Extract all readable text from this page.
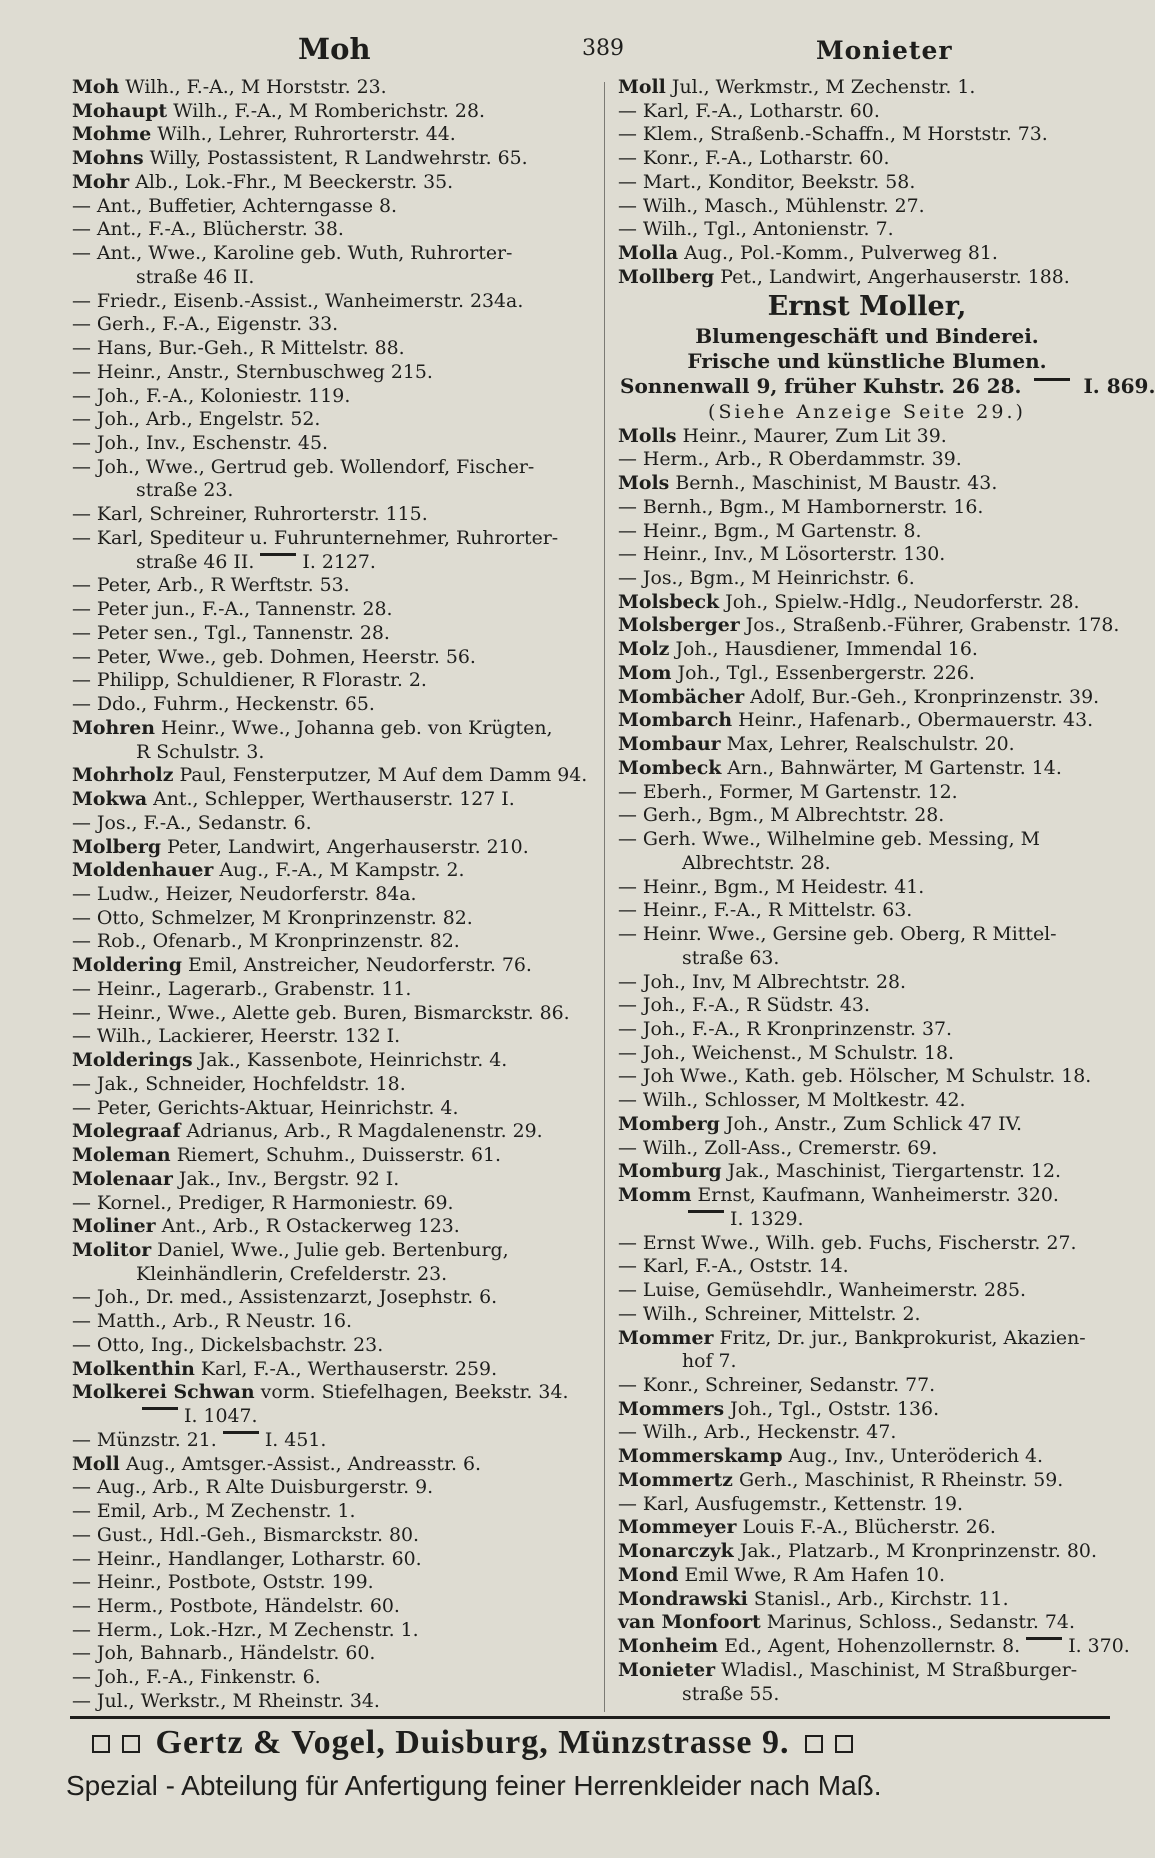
Moh	389	Monieter
Moh Wilh., F.-A., M Horststr. 23.
Mohaupt Wilh., F.-A., M Romberichstr. 28.
Mohme Wilh., Lehrer, Ruhrorterstr. 44.
Mohns Willy, Postassistent, R Landwehrstr. 65.
Mohr Alb., Lok.-Fhr., M Beeckerstr. 35.
— Ant., Buffetier, Achterngasse 8.
— Ant., F.-A., Blücherstr. 38.
— Ant., Wwe., Karoline geb. Wuth, Ruhrorter-
straße 46 II.
— Friedr., Eisenb.-Assist., Wanheimerstr. 234a.
— Gerh., F.-A., Eigenstr. 33.
— Hans, Bur.-Geh., R Mittelstr. 88.
— Heinr., Anstr., Sternbuschweg 215.
— Joh., F.-A., Koloniestr. 119.
— Joh., Arb., Engelstr. 52.
— Joh., Inv., Eschenstr. 45.
— Joh., Wwe., Gertrud geb. Wollendorf, Fischer-
straße 23.
— Karl, Schreiner, Ruhrorterstr. 115.
— Karl, Spediteur u. Fuhrunternehmer, Ruhrorter-
straße 46 II.	I. 2127.
— Peter, Arb., R Werftstr. 53.
— Peter jun., F.-A., Tannenstr. 28.
— Peter sen., Tgl., Tannenstr. 28.
— Peter, Wwe., geb. Dohmen, Heerstr. 56.
— Philipp, Schuldiener, R Florastr. 2.
— Ddo., Fuhrm., Heckenstr. 65.
Mohren Heinr., Wwe., Johanna geb. von Krügten,
R Schulstr. 3.
Mohrholz Paul, Fensterputzer, M Auf dem Damm 94.
Mokwa Ant., Schlepper, Werthauserstr. 127 I.
— Jos., F.-A., Sedanstr. 6.
Molberg Peter, Landwirt, Angerhauserstr. 210.
Moldenhauer Aug., F.-A., M Kampstr. 2.
— Ludw., Heizer, Neudorferstr. 84a.
— Otto, Schmelzer, M Kronprinzenstr. 82.
— Rob., Ofenarb., M Kronprinzenstr. 82.
Moldering Emil, Anstreicher, Neudorferstr. 76.
— Heinr., Lagerarb., Grabenstr. 11.
— Heinr., Wwe., Alette geb. Buren, Bismarckstr. 86.
— Wilh., Lackierer, Heerstr. 132 I.
Molderings Jak., Kassenbote, Heinrichstr. 4.
— Jak., Schneider, Hochfeldstr. 18.
— Peter, Gerichts-Aktuar, Heinrichstr. 4.
Molegraaf Adrianus, Arb., R Magdalenenstr. 29.
Moleman Riemert, Schuhm., Duisserstr. 61.
Molenaar Jak., Inv., Bergstr. 92 I.
— Kornel., Prediger, R Harmoniestr. 69.
Moliner Ant., Arb., R Ostackerweg 123.
Molitor Daniel, Wwe., Julie geb. Bertenburg,
Kleinhändlerin, Crefelderstr. 23.
— Joh., Dr. med., Assistenzarzt, Josephstr. 6.
— Matth., Arb., R Neustr. 16.
— Otto, Ing., Dickelsbachstr. 23.
Molkenthin Karl, F.-A., Werthauserstr. 259.
Molkerei Schwan vorm. Stiefelhagen, Beekstr. 34.
I. 1047.
— Münzstr. 21.	I. 451.
Moll Aug., Amtsger.-Assist., Andreasstr. 6.
— Aug., Arb., R Alte Duisburgerstr. 9.
— Emil, Arb., M Zechenstr. 1.
— Gust., Hdl.-Geh., Bismarckstr. 80.
— Heinr., Handlanger, Lotharstr. 60.
— Heinr., Postbote, Oststr. 199.
— Herm., Postbote, Händelstr. 60.
— Herm., Lok.-Hzr., M Zechenstr. 1.
— Joh, Bahnarb., Händelstr. 60.
— Joh., F.-A., Finkenstr. 6.
— Jul., Werkstr., M Rheinstr. 34.
Moll Jul., Werkmstr., M Zechenstr. 1.
— Karl, F.-A., Lotharstr. 60.
— Klem., Straßenb.-Schaffn., M Horststr. 73.
— Konr., F.-A., Lotharstr. 60.
— Mart., Konditor, Beekstr. 58.
— Wilh., Masch., Mühlenstr. 27.
— Wilh., Tgl., Antonienstr. 7.
Molla Aug., Pol.-Komm., Pulverweg 81.
Mollberg Pet., Landwirt, Angerhauserstr. 188.
Ernst Moller,
Blumengeschäft und Binderei.
Frische und künstliche Blumen.
Sonnenwall 9, früher Kuhstr. 26 28.	I. 869.
(Siehe Anzeige Seite 29.)
Molls Heinr., Maurer, Zum Lit 39.
— Herm., Arb., R Oberdammstr. 39.
Mols Bernh., Maschinist, M Baustr. 43.
— Bernh., Bgm., M Hambornerstr. 16.
— Heinr., Bgm., M Gartenstr. 8.
— Heinr., Inv., M Lösorterstr. 130.
— Jos., Bgm., M Heinrichstr. 6.
Molsbeck Joh., Spielw.-Hdlg., Neudorferstr. 28.
Molsberger Jos., Straßenb.-Führer, Grabenstr. 178.
Molz Joh., Hausdiener, Immendal 16.
Mom Joh., Tgl., Essenbergerstr. 226.
Mombächer Adolf, Bur.-Geh., Kronprinzenstr. 39.
Mombarch Heinr., Hafenarb., Obermauerstr. 43.
Mombaur Max, Lehrer, Realschulstr. 20.
Mombeck Arn., Bahnwärter, M Gartenstr. 14.
— Eberh., Former, M Gartenstr. 12.
— Gerh., Bgm., M Albrechtstr. 28.
— Gerh. Wwe., Wilhelmine geb. Messing, M
Albrechtstr. 28.
— Heinr., Bgm., M Heidestr. 41.
— Heinr., F.-A., R Mittelstr. 63.
— Heinr. Wwe., Gersine geb. Oberg, R Mittel-
straße 63.
— Joh., Inv, M Albrechtstr. 28.
— Joh., F.-A., R Südstr. 43.
— Joh., F.-A., R Kronprinzenstr. 37.
— Joh., Weichenst., M Schulstr. 18.
— Joh Wwe., Kath. geb. Hölscher, M Schulstr. 18.
— Wilh., Schlosser, M Moltkestr. 42.
Momberg Joh., Anstr., Zum Schlick 47 IV.
— Wilh., Zoll-Ass., Cremerstr. 69.
Momburg Jak., Maschinist, Tiergartenstr. 12.
Momm Ernst, Kaufmann, Wanheimerstr. 320.
I. 1329.
— Ernst Wwe., Wilh. geb. Fuchs, Fischerstr. 27.
— Karl, F.-A., Oststr. 14.
— Luise, Gemüsehdlr., Wanheimerstr. 285.
— Wilh., Schreiner, Mittelstr. 2.
Mommer Fritz, Dr. jur., Bankprokurist, Akazien-
hof 7.
— Konr., Schreiner, Sedanstr. 77.
Mommers Joh., Tgl., Oststr. 136.
— Wilh., Arb., Heckenstr. 47.
Mommerskamp Aug., Inv., Unteröderich 4.
Mommertz Gerh., Maschinist, R Rheinstr. 59.
— Karl, Ausfugemstr., Kettenstr. 19.
Mommeyer Louis F.-A., Blücherstr. 26.
Monarczyk Jak., Platzarb., M Kronprinzenstr. 80.
Mond Emil Wwe, R Am Hafen 10.
Mondrawski Stanisl., Arb., Kirchstr. 11.
van Monfoort Marinus, Schloss., Sedanstr. 74.
Monheim Ed., Agent, Hohenzollernstr. 8.	I. 370.
Monieter Wladisl., Maschinist, M Straßburger-
straße 55.
Gertz & Vogel, Duisburg, Münzstrasse 9.
Spezial - Abteilung für Anfertigung feiner Herrenkleider nach Maß.
